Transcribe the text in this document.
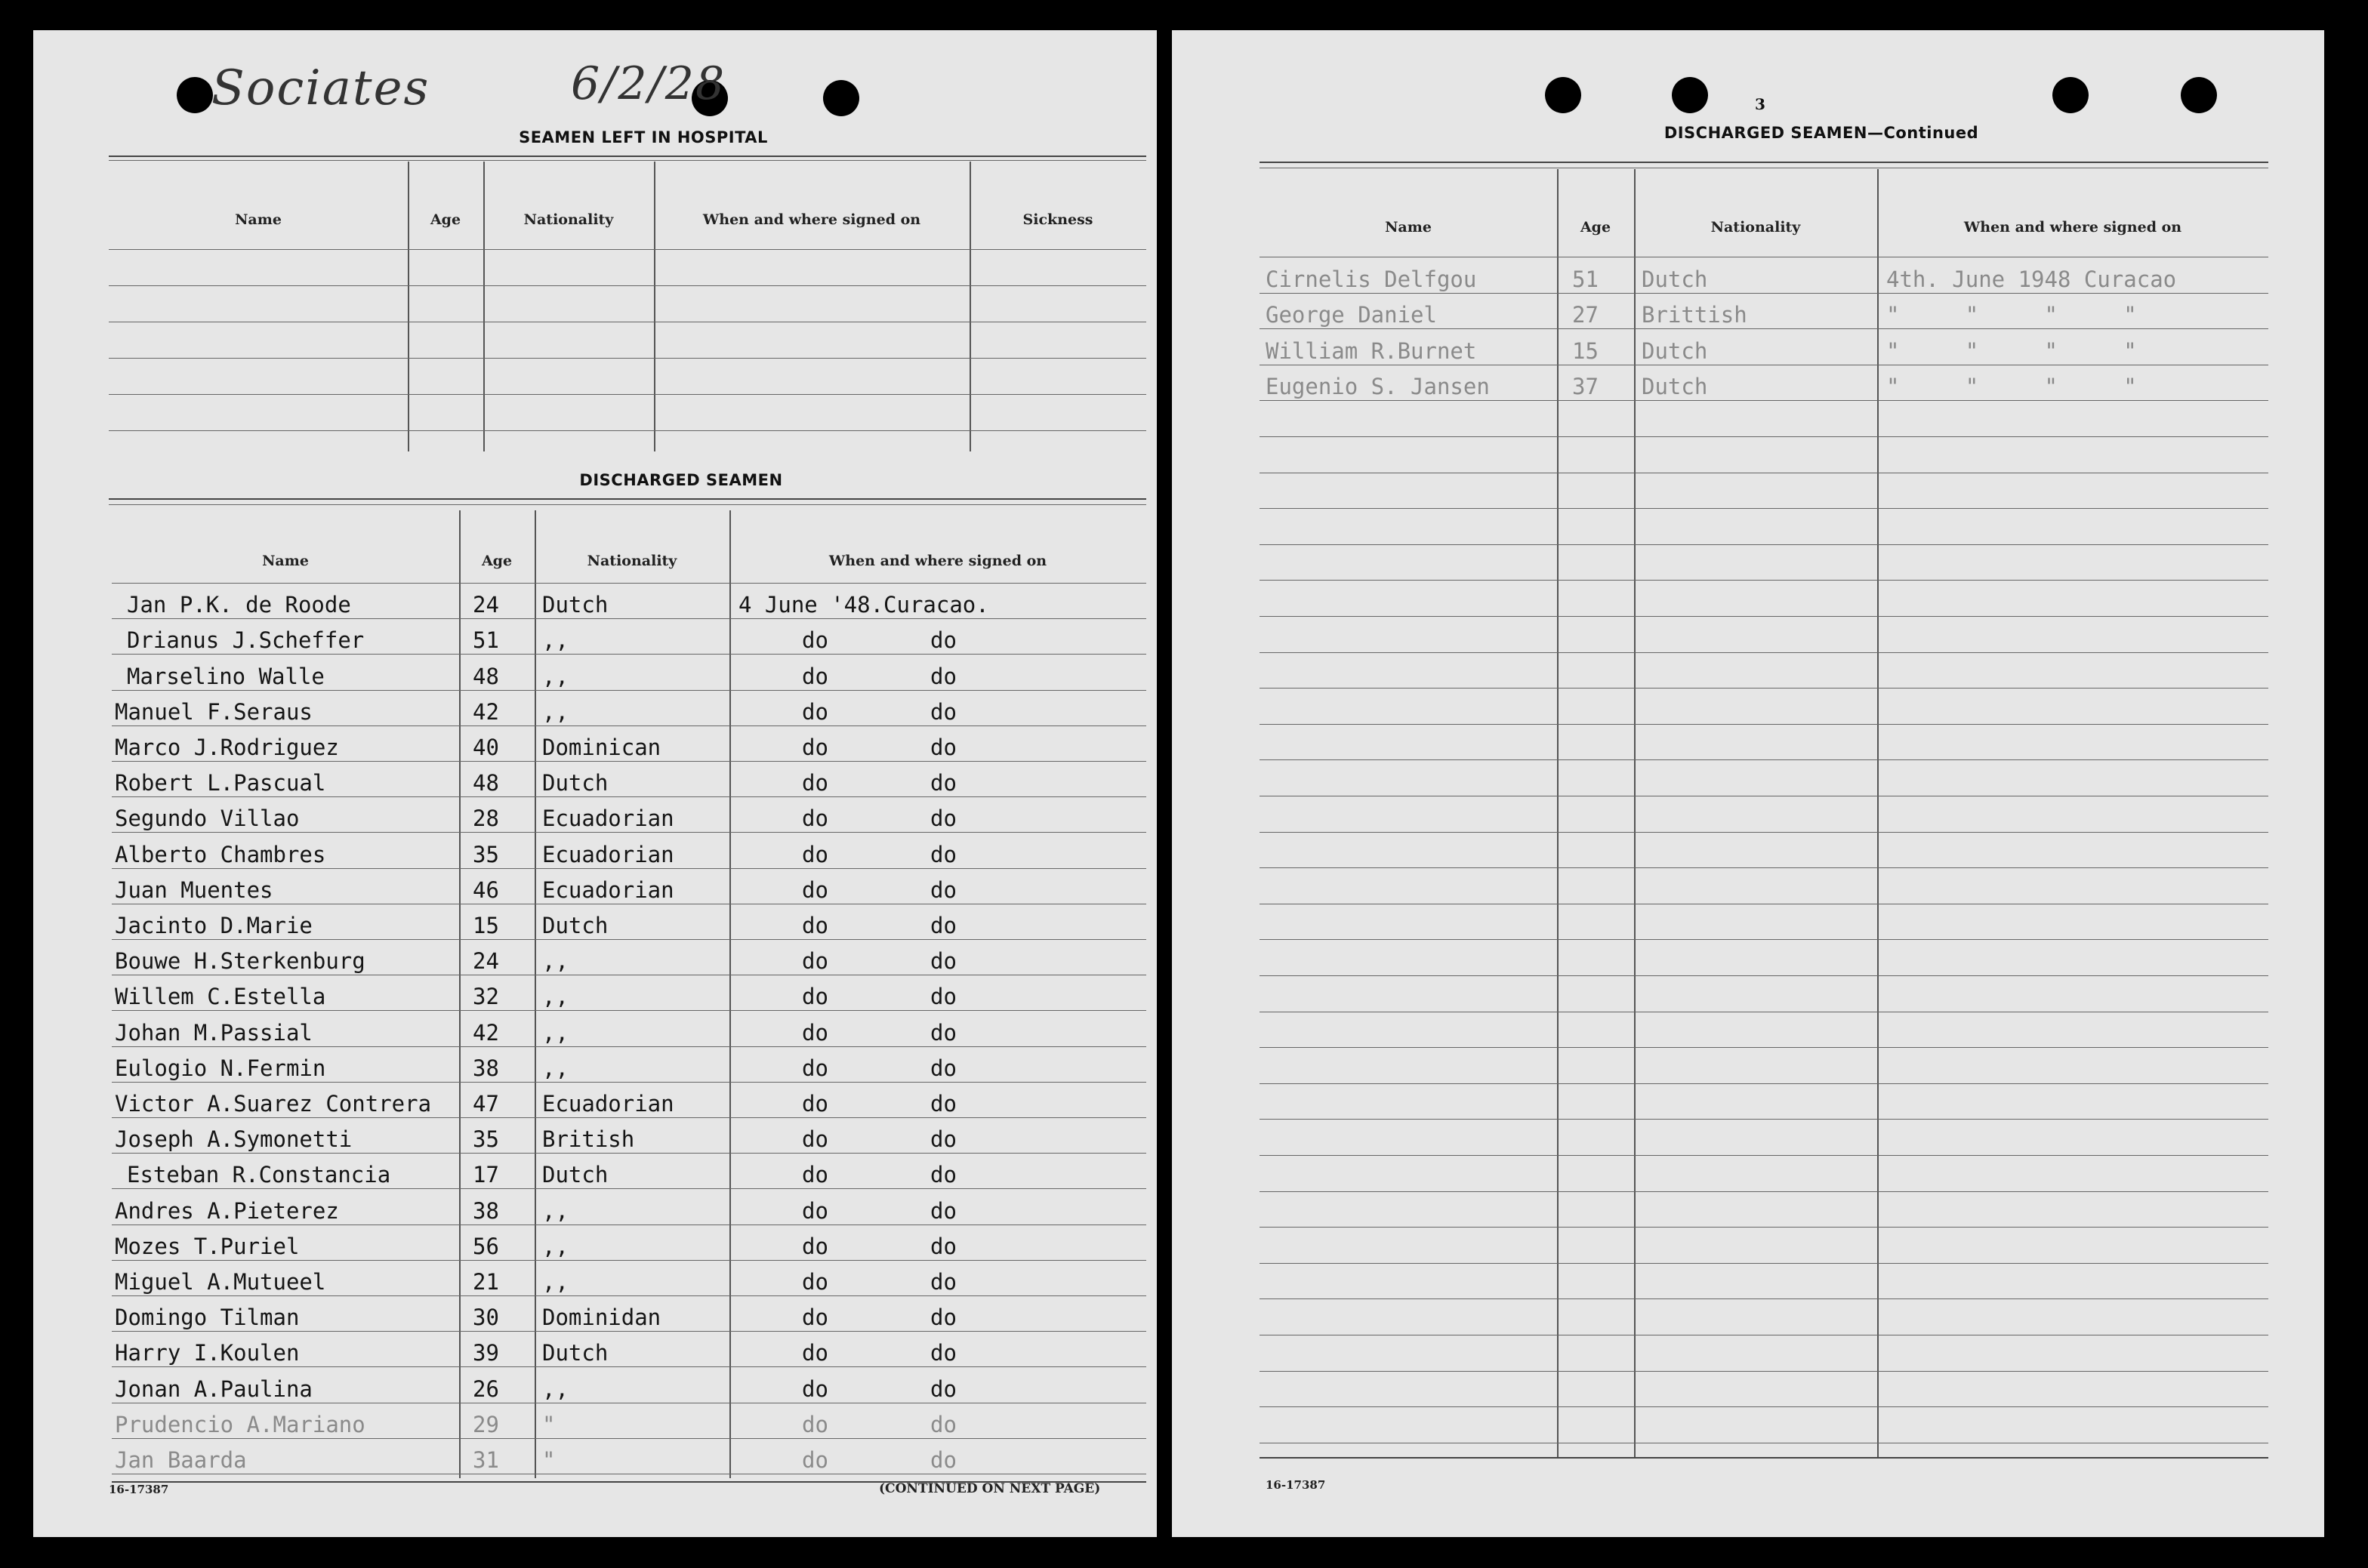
Sociates	6/2/28
SEAMEN LEFT IN HOSPITAL
Name	Age	Nationality	When and where signed on	Sickness
DISCHARGED SEAMEN
Name	Age	Nationality	When and where signed on
Jan P.K. de Roode	24 Dutch	4 June '48.Curacao.
Drianus J.Scheffer	51 ,,	do	do
Marselino Walle	48 ,,	do	do
Manuel F.Seraus	42 ,,	do	do
Marco J.Rodriguez	40 Dominican	do	do
Robert L.Pascual	48 Dutch	do	do
Segundo Villao	28 Ecuadorian	do	do
Alberto Chambres	35 Ecuadorian	do	do
Juan Muentes	46 Ecuadorian	do	do
Jacinto D.Marie	15 Dutch	do	do
Bouwe H.Sterkenburg	24 ,,	do	do
Willem C.Estella	32 ,,	do	do
Johan M.Passial	42 ,,	do	do
Eulogio N.Fermin	38 ,,	do	do
Victor A.Suarez Contrera 47 Ecuadorian	do	do
Joseph A.Symonetti	35 British	do	do
Esteban R.Constancia	17 Dutch	do	do
Andres A.Pieterez	38 ,,	do	do
Mozes T.Puriel	56 ,,	do	do
Miguel A.Mutueel	21 ,,	do	do
Domingo Tilman	30 Dominidan	do	do
Harry I.Koulen	39 Dutch	do	do
Jonan A.Paulina	26 ,,	do	do
Prudencio A.Mariano	29 "	do	do
Jan Baarda	31 "	do	do
16-17387	(CONTINUED ON NEXT PAGE)
3
DISCHARGED SEAMEN—Continued
Name	Age	Nationality	When and where signed on
Cirnelis Delfgou	51 Dutch	4th. June 1948 Curacao
George Daniel	27 Brittish	"     "     "     "
William R.Burnet	15 Dutch	"     "     "     "
Eugenio S. Jansen	37 Dutch	"     "     "     "
16-17387
